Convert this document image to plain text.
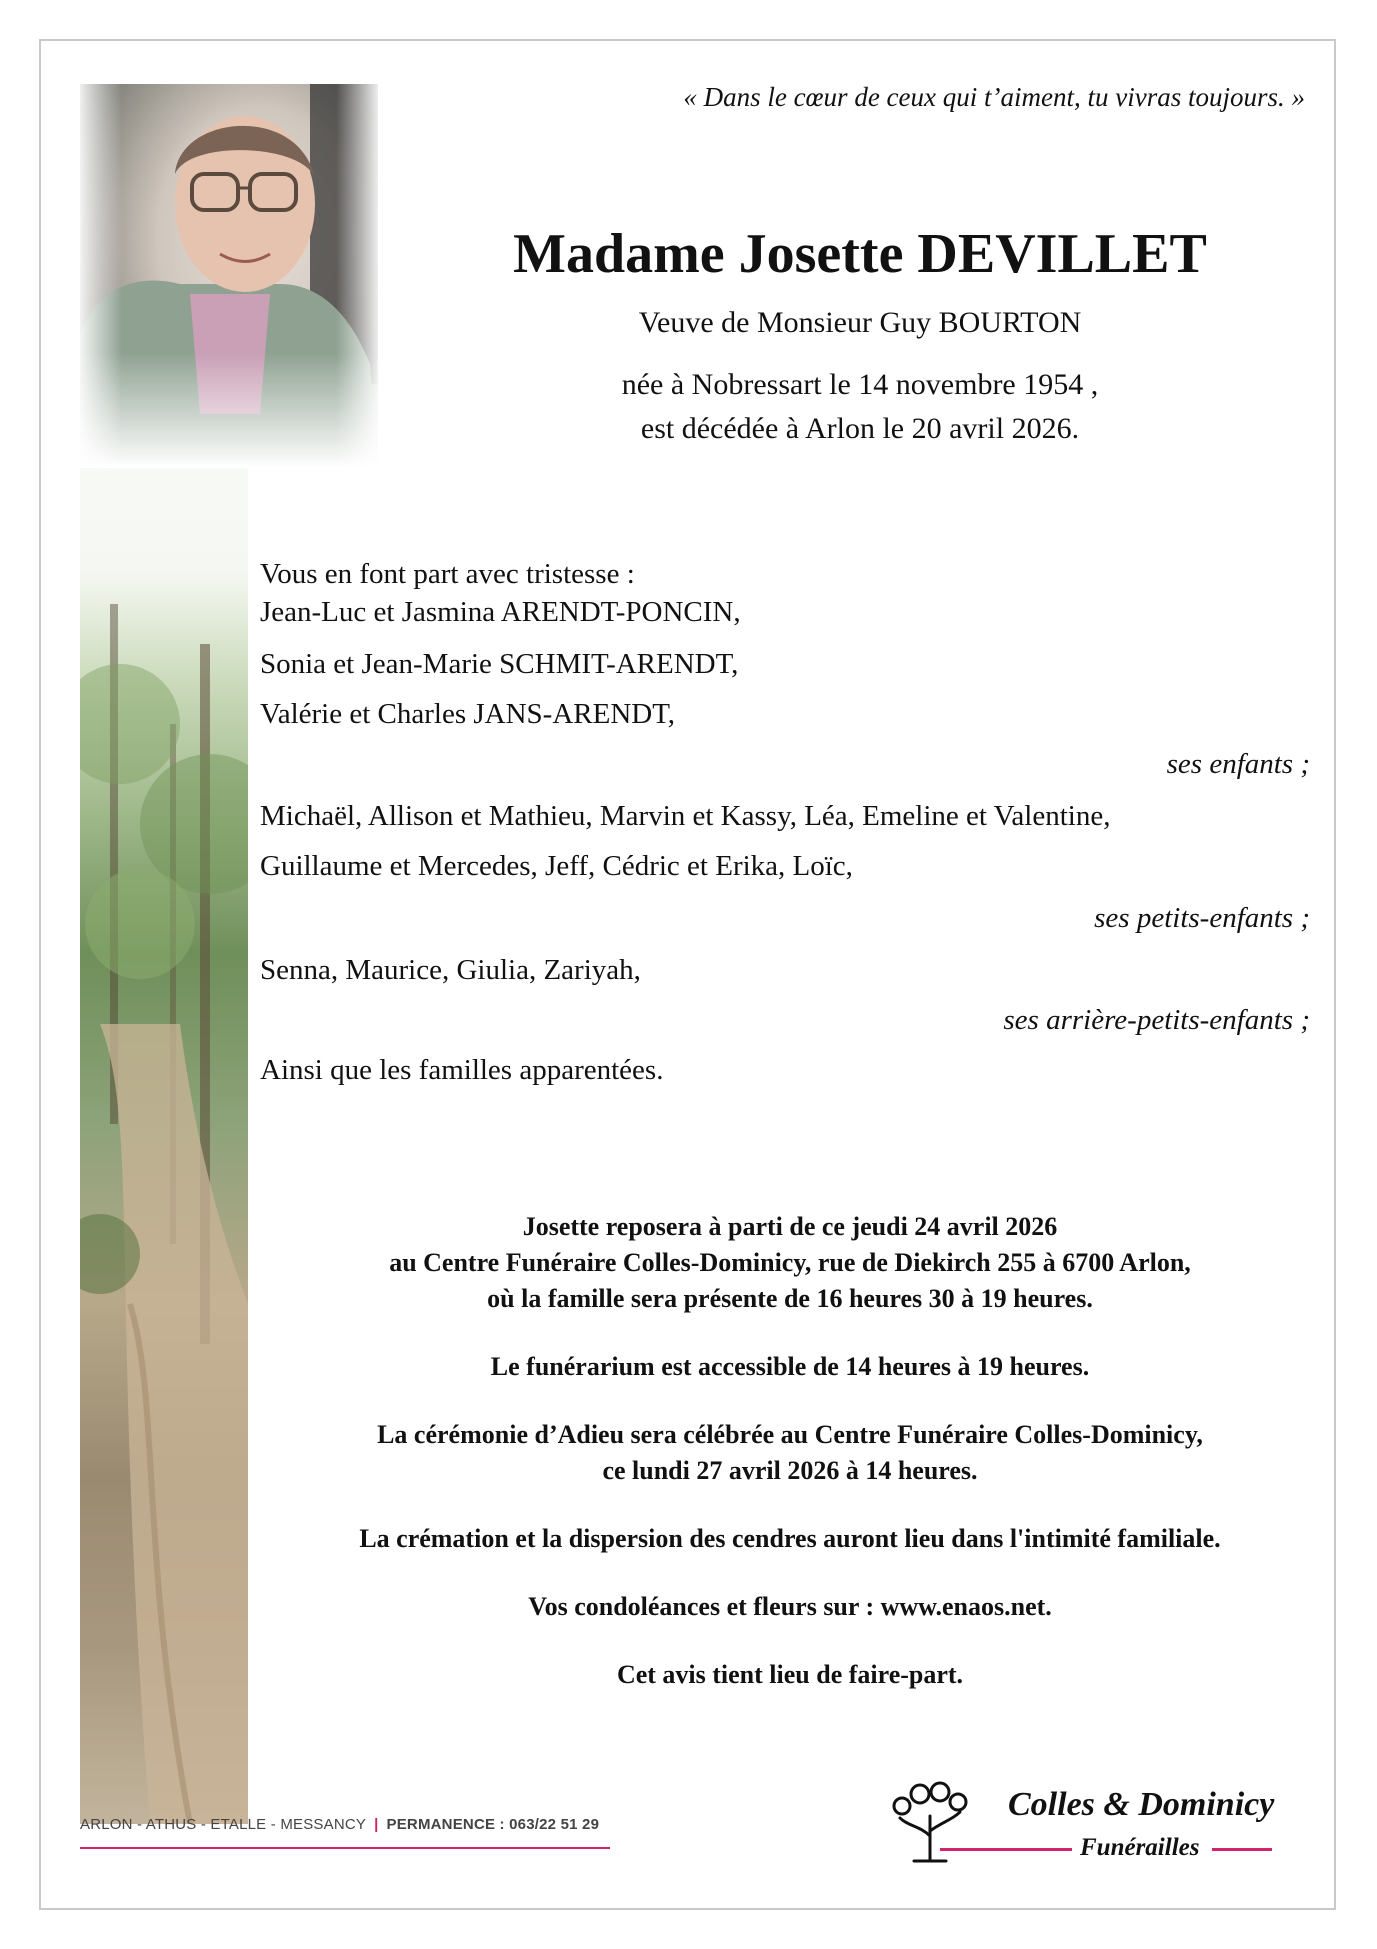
« Dans le cœur de ceux qui t’aiment, tu vivras toujours. »
Madame Josette DEVILLET
Veuve de Monsieur Guy BOURTON
née à Nobressart le 14 novembre 1954 ,
est décédée à Arlon le 20 avril 2026.
Vous en font part avec tristesse :
Jean-Luc et Jasmina ARENDT-PONCIN,
Sonia et Jean-Marie SCHMIT-ARENDT,
Valérie et Charles JANS-ARENDT,
ses enfants ;
Michaël, Allison et Mathieu, Marvin et Kassy, Léa, Emeline et Valentine,
Guillaume et Mercedes, Jeff, Cédric et Erika, Loïc,
ses petits-enfants ;
Senna, Maurice, Giulia, Zariyah,
ses arrière-petits-enfants ;
Ainsi que les familles apparentées.
Josette reposera à parti de ce jeudi 24 avril 2026
au Centre Funéraire Colles-Dominicy, rue de Diekirch 255 à 6700 Arlon,
où la famille sera présente de 16 heures 30 à 19 heures.
Le funérarium est accessible de 14 heures à 19 heures.
La cérémonie d’Adieu sera célébrée au Centre Funéraire Colles-Dominicy,
ce lundi 27 avril 2026 à 14 heures.
La crémation et la dispersion des cendres auront lieu dans l'intimité familiale.
Vos condoléances et fleurs sur : www.enaos.net.
Cet avis tient lieu de faire-part.
ARLON - ATHUS - ETALLE - MESSANCY | PERMANENCE : 063/22 51 29
Colles & Dominicy
Funérailles
